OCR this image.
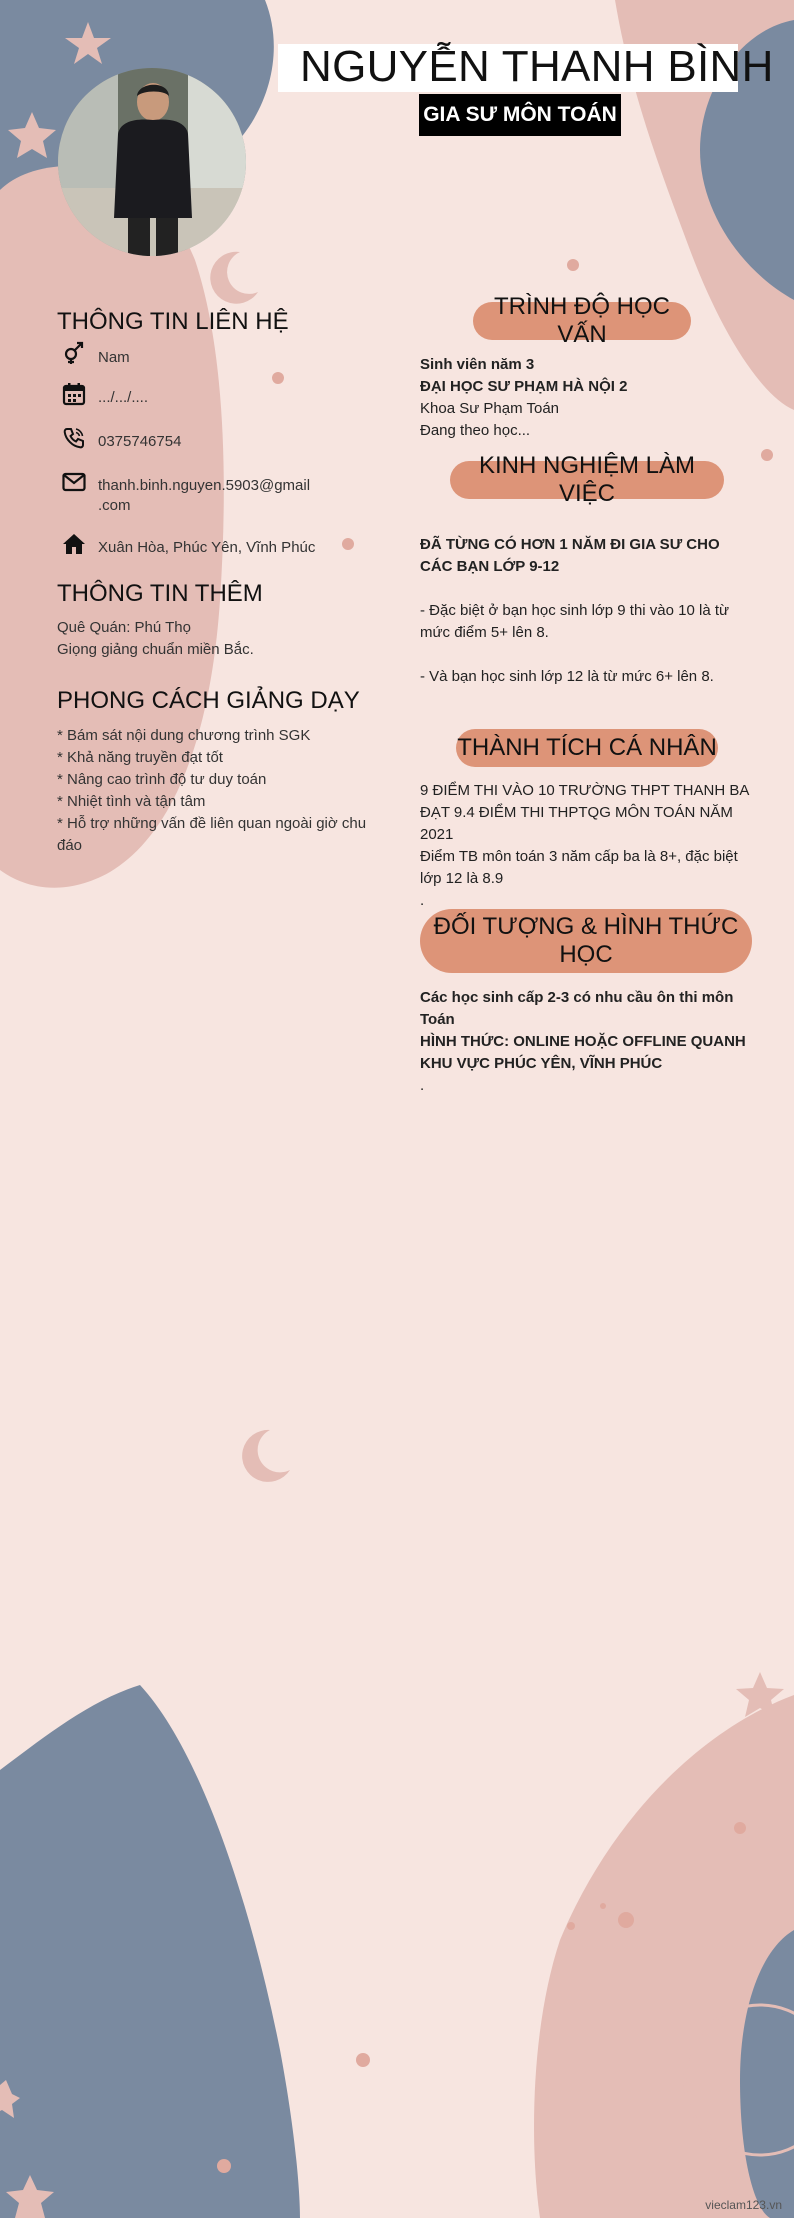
NGUYỄN THANH BÌNH
GIA SƯ MÔN TOÁN
THÔNG TIN LIÊN HỆ
Nam
.../.../....
0375746754
thanh.binh.nguyen.5903@gmail
.com
Xuân Hòa, Phúc Yên, Vĩnh Phúc
THÔNG TIN THÊM
Quê Quán: Phú Thọ
Giọng giảng chuẩn miền Bắc.
PHONG CÁCH GIẢNG DẠY
* Bám sát nội dung chương trình SGK
* Khả năng truyền đạt tốt
* Nâng cao trình độ tư duy toán
* Nhiệt tình và tận tâm
* Hỗ trợ những vấn đề liên quan ngoài giờ chu
đáo
TRÌNH ĐỘ HỌC VẤN
Sinh viên năm 3
ĐẠI HỌC SƯ PHẠM HÀ NỘI 2
Khoa Sư Phạm Toán
Đang theo học...
KINH NGHIỆM LÀM VIỆC
ĐÃ TỪNG CÓ HƠN 1 NĂM ĐI GIA SƯ CHO CÁC BẠN LỚP 9-12
- Đặc biệt ở bạn học sinh lớp 9 thi vào 10 là từ mức điểm 5+ lên 8.
- Và bạn học sinh lớp 12 là từ mức 6+ lên 8.
THÀNH TÍCH CÁ NHÂN
9 ĐIỂM THI VÀO 10 TRƯỜNG THPT THANH BA
ĐẠT 9.4 ĐIỂM THI THPTQG MÔN TOÁN NĂM 2021
Điểm TB môn toán 3 năm cấp ba là 8+, đặc biệt lớp 12 là 8.9
.
ĐỐI TƯỢNG & HÌNH THỨC
HỌC
Các học sinh cấp 2-3 có nhu cầu ôn thi môn Toán
HÌNH THỨC: ONLINE HOẶC OFFLINE QUANH KHU VỰC PHÚC YÊN, VĨNH PHÚC
.
vieclam123.vn
